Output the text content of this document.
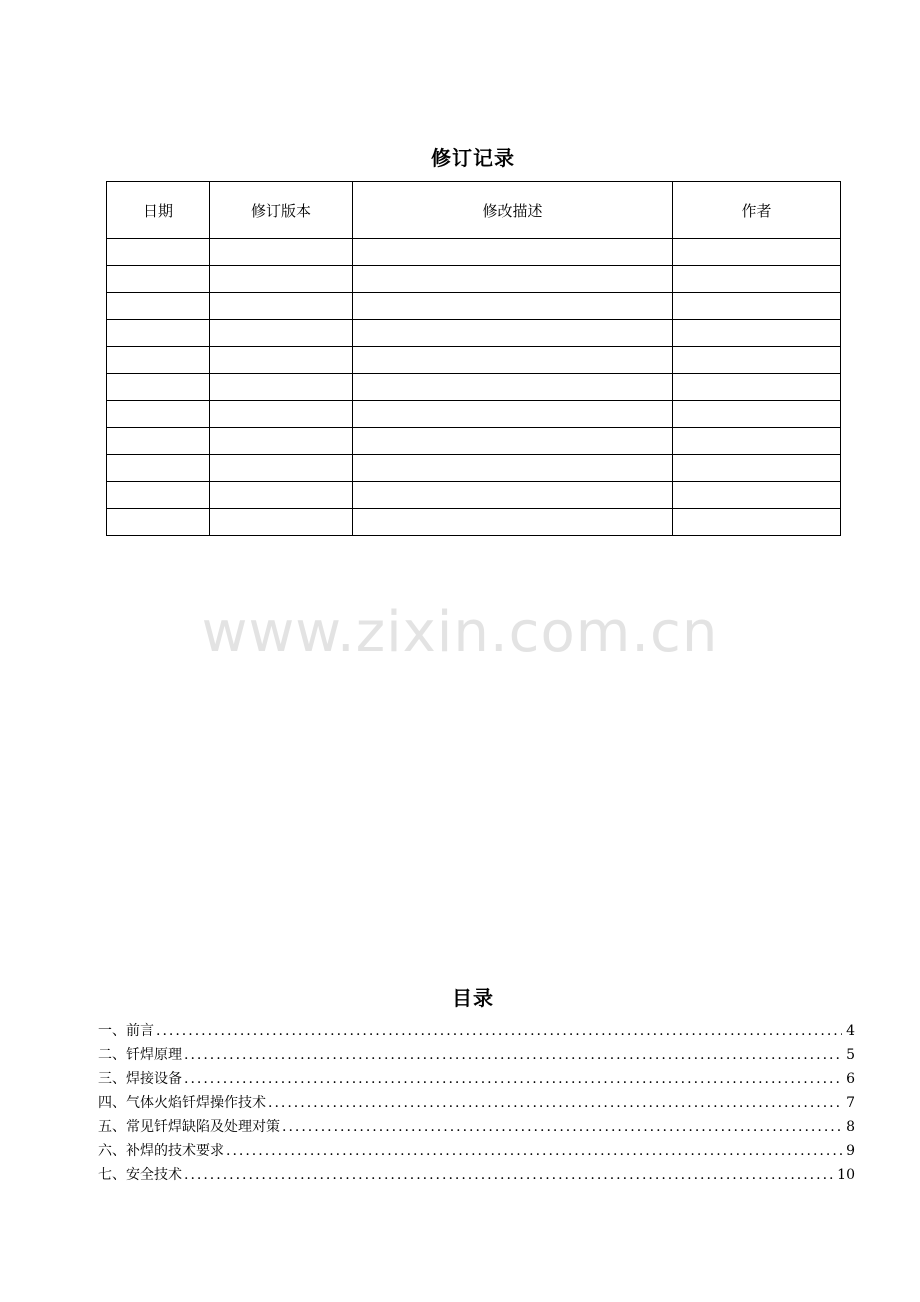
修订记录
日期	修订版本	修改描述	作者

www.zixin.com.cn
目录
一、前言 .....	4
二、钎焊原理 .....	5
三、焊接设备 .....	6
四、气体火焰钎焊操作技术 .....	7
五、常见钎焊缺陷及处理对策 .....	8
六、补焊的技术要求 .....	9
七、安全技术 .....	10
